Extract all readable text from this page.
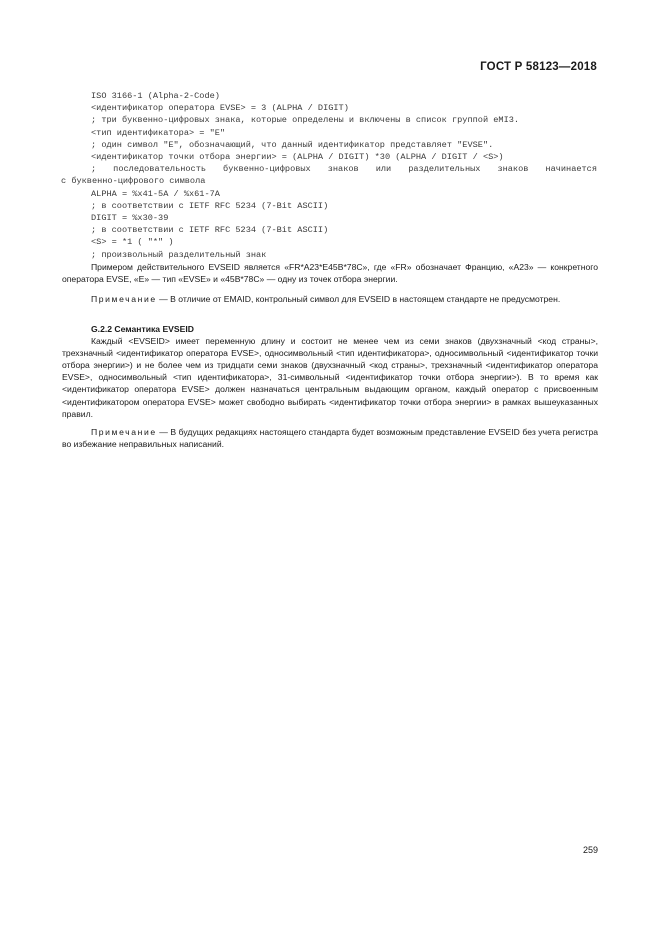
ГОСТ Р 58123—2018
ISO 3166-1 (Alpha-2-Code)
<идентификатор оператора EVSE> = 3 (ALPHA / DIGIT)
; три буквенно-цифровых знака, которые определены и включены в список группой eMI3.
<тип идентификатора> = "E"
; один символ "E", обозначающий, что данный идентификатор представляет "EVSE".
<идентификатор точки отбора энергии> = (ALPHA / DIGIT) *30 (ALPHA / DIGIT / <S>)
; последовательность буквенно-цифровых знаков или разделительных знаков начинается
с буквенно-цифрового символа
ALPHA = %x41-5A / %x61-7A
; в соответствии с IETF RFC 5234 (7-Bit ASCII)
DIGIT = %x30-39
; в соответствии с IETF RFC 5234 (7-Bit ASCII)
<S> = *1 ( "*" )
; произвольный разделительный знак

Примером действительного EVSEID является «FR*A23*E45B*78C», где «FR» обозначает Францию, «A23» — конкретного оператора EVSE, «E» — тип «EVSE» и «45B*78C» — одну из точек отбора энергии.

Примечание — В отличие от EMAID, контрольный символ для EVSEID в настоящем стандарте не предусмотрен.

G.2.2 Семантика EVSEID

Каждый <EVSEID> имеет переменную длину и состоит не менее чем из семи знаков (двухзначный <код страны>, трехзначный <идентификатор оператора EVSE>, односимвольный <тип идентификатора>, односимвольный <идентификатор точки отбора энергии>) и не более чем из тридцати семи знаков (двухзначный <код страны>, трехзначный <идентификатор оператора EVSE>, односимвольный <тип идентификатора>, 31-символьный <идентификатор точки отбора энергии>). В то время как <идентификатор оператора EVSE> должен назначаться центральным выдающим органом, каждый оператор с присвоенным <идентификатором оператора EVSE> может свободно выбирать <идентификатор точки отбора энергии> в рамках вышеуказанных правил.

Примечание — В будущих редакциях настоящего стандарта будет возможным представление EVSEID без учета регистра во избежание неправильных написаний.

259
